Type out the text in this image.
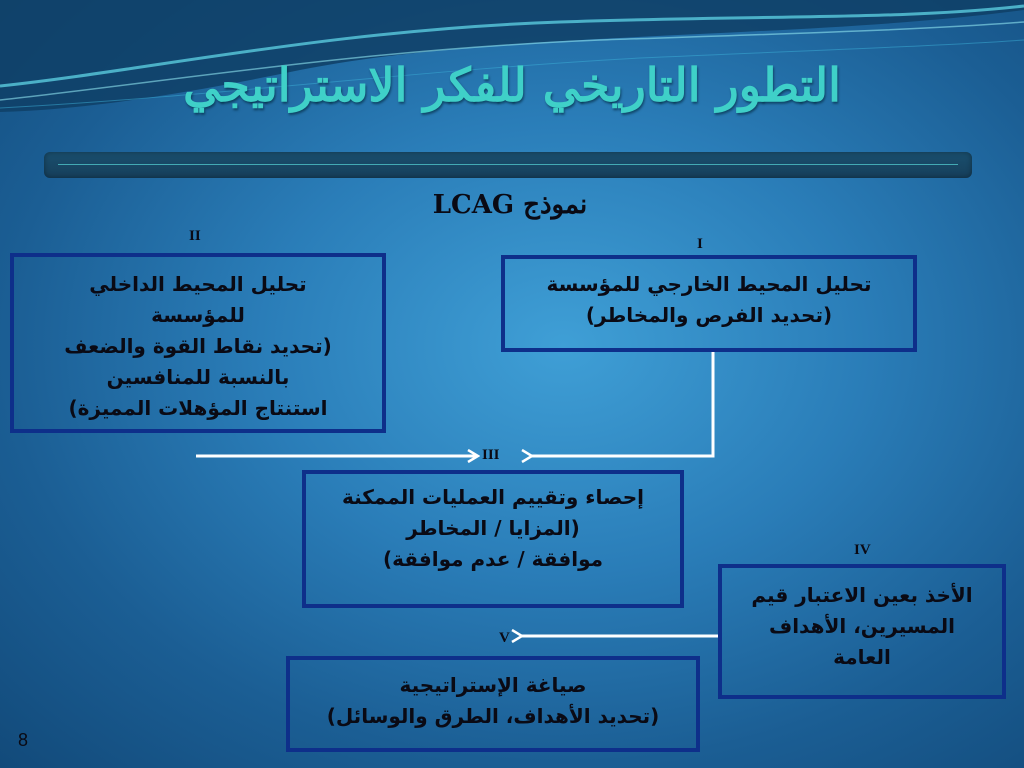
التطور التاريخي للفكر الاستراتيجي
نموذج LCAG
II	I
III
IV
V

تحليل المحيط الخارجي للمؤسسة

(تحديد الفرص والمخاطر)

تحليل المحيط الداخلي

للمؤسسة

(تحديد نقاط القوة والضعف

بالنسبة للمنافسين

استنتاج المؤهلات المميزة)

إحصاء وتقييم العمليات الممكنة

(المزايا / المخاطر

موافقة / عدم موافقة)

الأخذ بعين الاعتبار قيم

المسيرين، الأهداف

العامة

صياغة الإستراتيجية

(تحديد الأهداف، الطرق والوسائل)

8
